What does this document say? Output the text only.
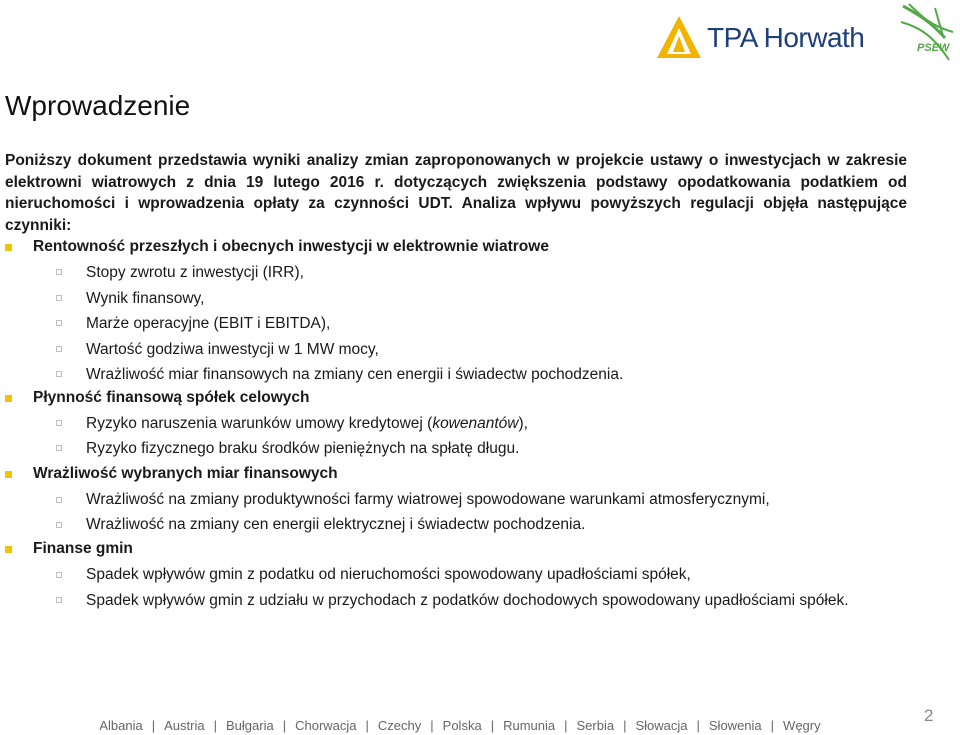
TPA Horwath	PSEW
Wprowadzenie

Poniższy dokument przedstawia wyniki analizy zmian zaproponowanych w projekcie ustawy o inwestycjach w zakresie elektrowni wiatrowych z dnia 19 lutego 2016 r. dotyczących zwiększenia podstawy opodatkowania podatkiem od nieruchomości i wprowadzenia opłaty za czynności UDT. Analiza wpływu powyższych regulacji objęła następujące czynniki:

Rentowność przeszłych i obecnych inwestycji w elektrownie wiatrowe

Stopy zwrotu z inwestycji (IRR),

Wynik finansowy,

Marże operacyjne (EBIT i EBITDA),

Wartość godziwa inwestycji w 1 MW mocy,

Wrażliwość miar finansowych na zmiany cen energii i świadectw pochodzenia.

Płynność finansową spółek celowych

Ryzyko naruszenia warunków umowy kredytowej (kowenantów),

Ryzyko fizycznego braku środków pieniężnych na spłatę długu.

Wrażliwość wybranych miar finansowych

Wrażliwość na zmiany produktywności farmy wiatrowej spowodowane warunkami atmosferycznymi,

Wrażliwość na zmiany cen energii elektrycznej i świadectw pochodzenia.

Finanse gmin

Spadek wpływów gmin z podatku od nieruchomości spowodowany upadłościami spółek,

Spadek wpływów gmin z udziału w przychodach z podatków dochodowych spowodowany upadłościami spółek.

Albania | Austria | Bułgaria | Chorwacja | Czechy | Polska | Rumunia | Serbia | Słowacja | Słowenia | Węgry
2
